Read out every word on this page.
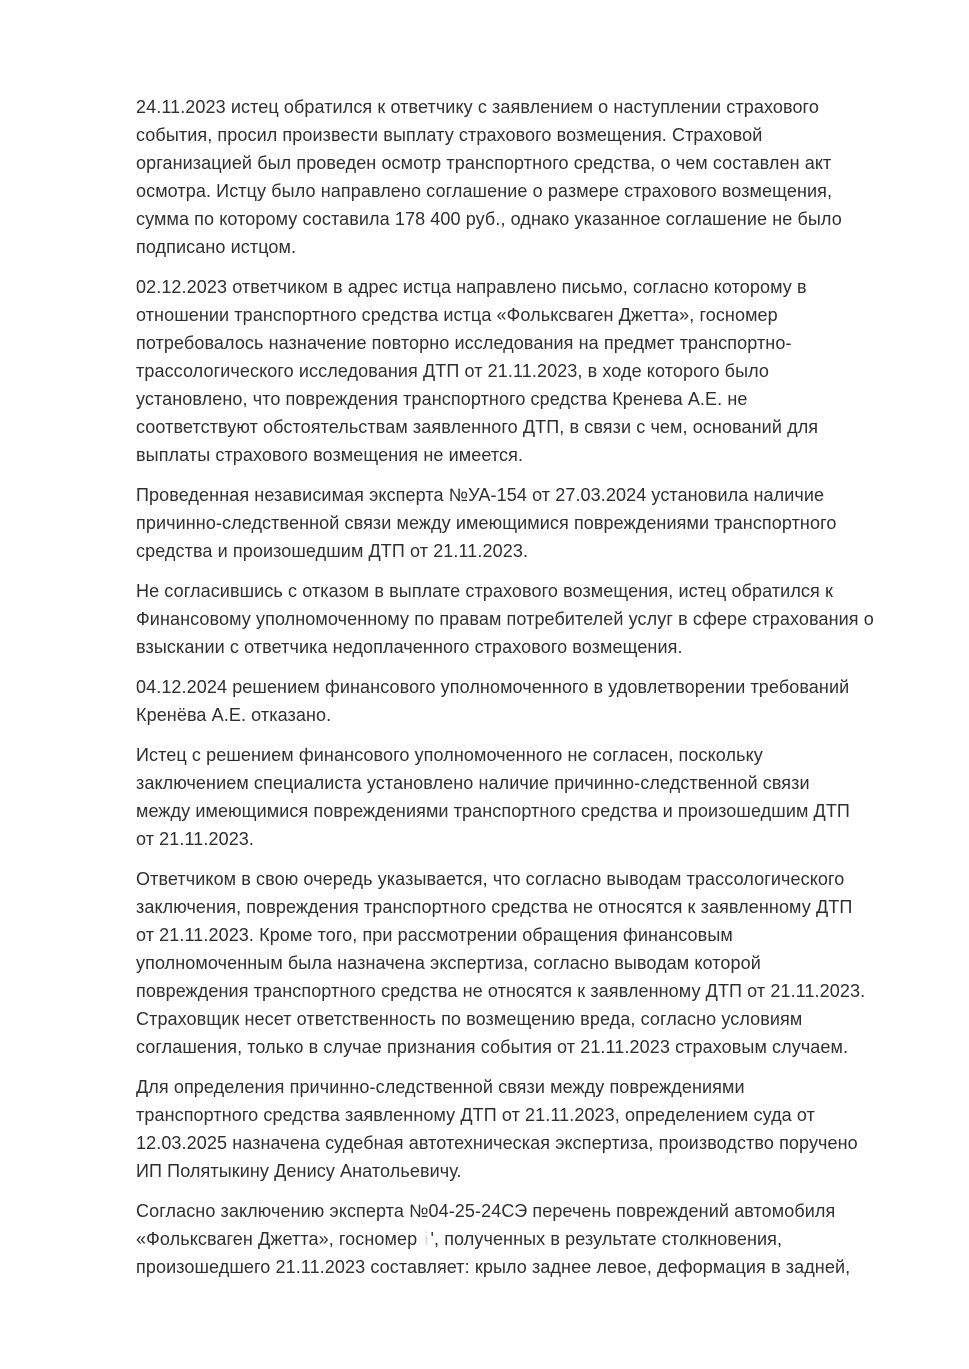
24.11.2023 истец обратился к ответчику с заявлением о наступлении страхового
события, просил произвести выплату страхового возмещения. Страховой
организацией был проведен осмотр транспортного средства, о чем составлен акт
осмотра. Истцу было направлено соглашение о размере страхового возмещения,
сумма по которому составила 178 400 руб., однако указанное соглашение не было
подписано истцом.

02.12.2023 ответчиком в адрес истца направлено письмо, согласно которому в
отношении транспортного средства истца «Фольксваген Джетта», госномер
потребовалось назначение повторно исследования на предмет транспортно-
трассологического исследования ДТП от 21.11.2023, в ходе которого было
установлено, что повреждения транспортного средства Кренева А.Е. не
соответствуют обстоятельствам заявленного ДТП, в связи с чем, оснований для
выплаты страхового возмещения не имеется.

Проведенная независимая эксперта №УА-154 от 27.03.2024 установила наличие
причинно-следственной связи между имеющимися повреждениями транспортного
средства и произошедшим ДТП от 21.11.2023.

Не согласившись с отказом в выплате страхового возмещения, истец обратился к
Финансовому уполномоченному по правам потребителей услуг в сфере страхования о
взыскании с ответчика недоплаченного страхового возмещения.

04.12.2024 решением финансового уполномоченного в удовлетворении требований
Кренёва А.Е. отказано.

Истец с решением финансового уполномоченного не согласен, поскольку
заключением специалиста установлено наличие причинно-следственной связи
между имеющимися повреждениями транспортного средства и произошедшим ДТП
от 21.11.2023.

Ответчиком в свою очередь указывается, что согласно выводам трассологического
заключения, повреждения транспортного средства не относятся к заявленному ДТП
от 21.11.2023. Кроме того, при рассмотрении обращения финансовым
уполномоченным была назначена экспертиза, согласно выводам которой
повреждения транспортного средства не относятся к заявленному ДТП от 21.11.2023.
Страховщик несет ответственность по возмещению вреда, согласно условиям
соглашения, только в случае признания события от 21.11.2023 страховым случаем.

Для определения причинно-следственной связи между повреждениями
транспортного средства заявленному ДТП от 21.11.2023, определением суда от
12.03.2025 назначена судебная автотехническая экспертиза, производство поручено
ИП Полятыкину Денису Анатольевичу.

Согласно заключению эксперта №04-25-24СЭ перечень повреждений автомобиля
«Фольксваген Джетта», госномер і ', полученных в результате столкновения,
произошедшего 21.11.2023 составляет: крыло заднее левое, деформация в задней,
